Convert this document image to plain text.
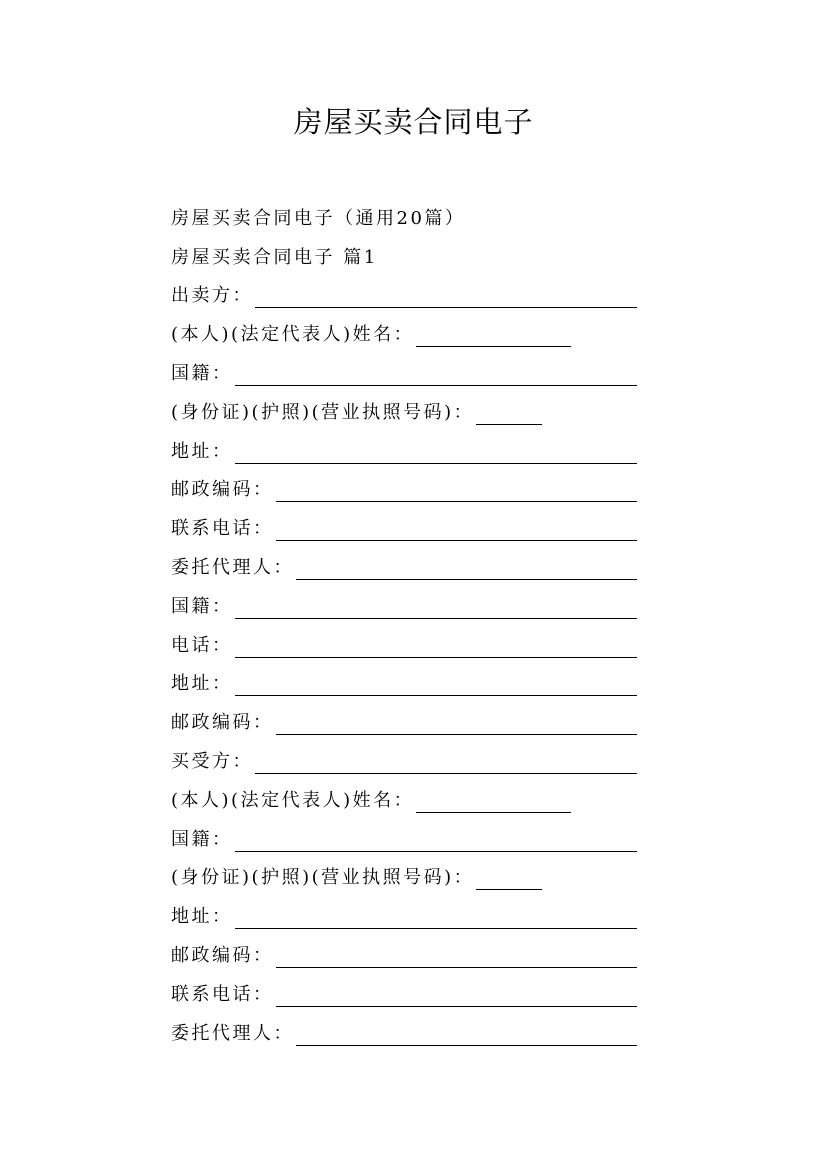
房屋买卖合同电子
房屋买卖合同电子（通用20篇）
房屋买卖合同电子 篇1
出卖方：
(本人)(法定代表人)姓名：
国籍：
(身份证)(护照)(营业执照号码)：
地址：
邮政编码：
联系电话：
委托代理人：
国籍：
电话：
地址：
邮政编码：
买受方：
(本人)(法定代表人)姓名：
国籍：
(身份证)(护照)(营业执照号码)：
地址：
邮政编码：
联系电话：
委托代理人：
